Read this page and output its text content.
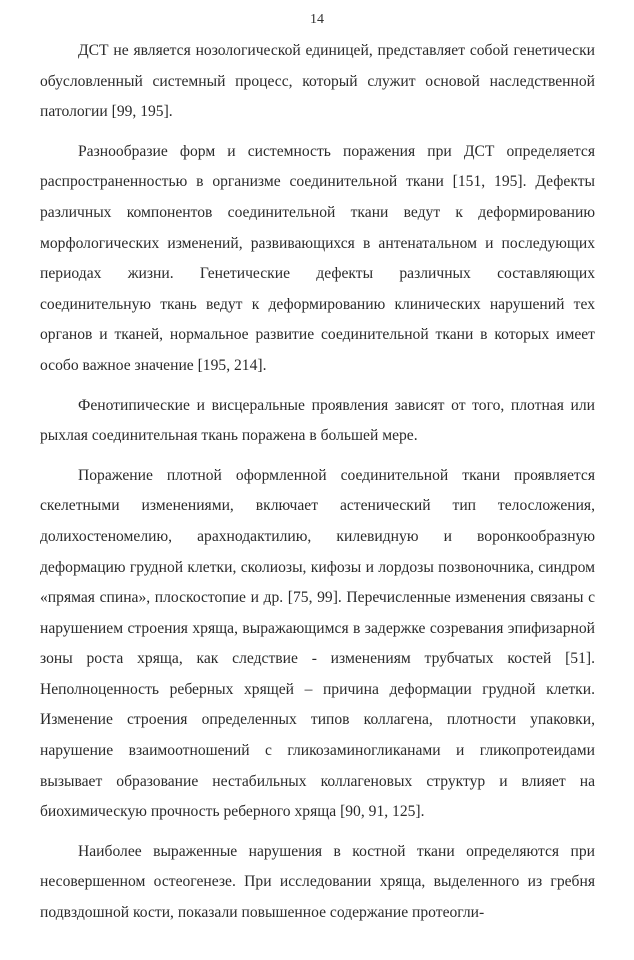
14

ДСТ не является нозологической единицей, представляет собой генетически обусловленный системный процесс, который служит основой наследственной патологии [99, 195].

Разнообразие форм и системность поражения при ДСТ определяется распространенностью в организме соединительной ткани [151, 195]. Дефекты различных компонентов соединительной ткани ведут к деформированию морфологических изменений, развивающихся в антенатальном и последующих периодах жизни. Генетические дефекты различных составляющих соединительную ткань ведут к деформированию клинических нарушений тех органов и тканей, нормальное развитие соединительной ткани в которых имеет особо важное значение [195, 214].

Фенотипические и висцеральные проявления зависят от того, плотная или рыхлая соединительная ткань поражена в большей мере.

Поражение плотной оформленной соединительной ткани проявляется скелетными изменениями, включает астенический тип телосложения, долихостеномелию, арахнодактилию, килевидную и воронкообразную деформацию грудной клетки, сколиозы, кифозы и лордозы позвоночника, синдром «прямая спина», плоскостопие и др. [75, 99]. Перечисленные изменения связаны с нарушением строения хряща, выражающимся в задержке созревания эпифизарной зоны роста хряща, как следствие - изменениям трубчатых костей [51]. Неполноценность реберных хрящей – причина деформации грудной клетки. Изменение строения определенных типов коллагена, плотности упаковки, нарушение взаимоотношений с гликозаминогликанами и гликопротеидами вызывает образование нестабильных коллагеновых структур и влияет на биохимическую прочность реберного хряща [90, 91, 125].

Наиболее выраженные нарушения в костной ткани определяются при несовершенном остеогенезе. При исследовании хряща, выделенного из гребня подвздошной кости, показали повышенное содержание протеогли-
